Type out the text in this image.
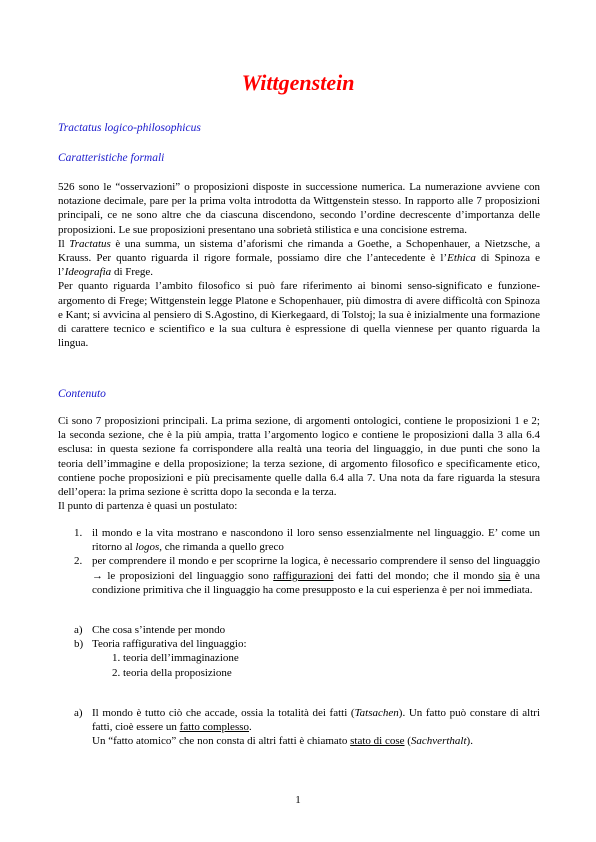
Wittgenstein
Tractatus logico-philosophicus
Caratteristiche formali

526 sono le “osservazioni” o proposizioni disposte in successione numerica. La numerazione avviene con notazione decimale, pare per la prima volta introdotta da Wittgenstein stesso. In rapporto alle 7 proposizioni principali, ce ne sono altre che da ciascuna discendono, secondo l’ordine decrescente d’importanza delle proposizioni. Le sue proposizioni presentano una sobrietà stilistica e una concisione estrema.

Il Tractatus è una summa, un sistema d’aforismi che rimanda a Goethe, a Schopenhauer, a Nietzsche, a Krauss. Per quanto riguarda il rigore formale, possiamo dire che l’antecedente è l’Ethica di Spinoza e l’Ideografia di Frege.

Per quanto riguarda l’ambito filosofico si può fare riferimento ai binomi senso-significato e funzione-argomento di Frege; Wittgenstein legge Platone e Schopenhauer, più dimostra di avere difficoltà con Spinoza e Kant; si avvicina al pensiero di S.Agostino, di Kierkegaard, di Tolstoj; la sua è inizialmente una formazione di carattere tecnico e scientifico e la sua cultura è espressione di quella viennese per quanto riguarda la lingua.

Contenuto

Ci sono 7 proposizioni principali. La prima sezione, di argomenti ontologici, contiene le proposizioni 1 e 2; la seconda sezione, che è la più ampia, tratta l’argomento logico e contiene le proposizioni dalla 3 alla 6.4 esclusa: in questa sezione fa corrispondere alla realtà una teoria del linguaggio, in due punti che sono la teoria dell’immagine e della proposizione; la terza sezione, di argomento filosofico e specificamente etico, contiene poche proposizioni e più precisamente quelle dalla 6.4 alla 7. Una nota da fare riguarda la stesura dell’opera: la prima sezione è scritta dopo la seconda e la terza.

Il punto di partenza è quasi un postulato:

1. il mondo e la vita mostrano e nascondono il loro senso essenzialmente nel linguaggio. E’ come un ritorno al logos, che rimanda a quello greco
2. per comprendere il mondo e per scoprirne la logica, è necessario comprendere il senso del linguaggio → le proposizioni del linguaggio sono raffigurazioni dei fatti del mondo; che il mondo sia è una condizione primitiva che il linguaggio ha come presupposto e la cui esperienza è per noi immediata.
a) Che cosa s’intende per mondo
b) Teoria raffigurativa del linguaggio:
1. teoria dell’immaginazione
2. teoria della proposizione
a) Il mondo è tutto ciò che accade, ossia la totalità dei fatti (Tatsachen). Un fatto può constare di altri fatti, cioè essere un fatto complesso.
Un “fatto atomico” che non consta di altri fatti è chiamato stato di cose (Sachverthalt).
1
